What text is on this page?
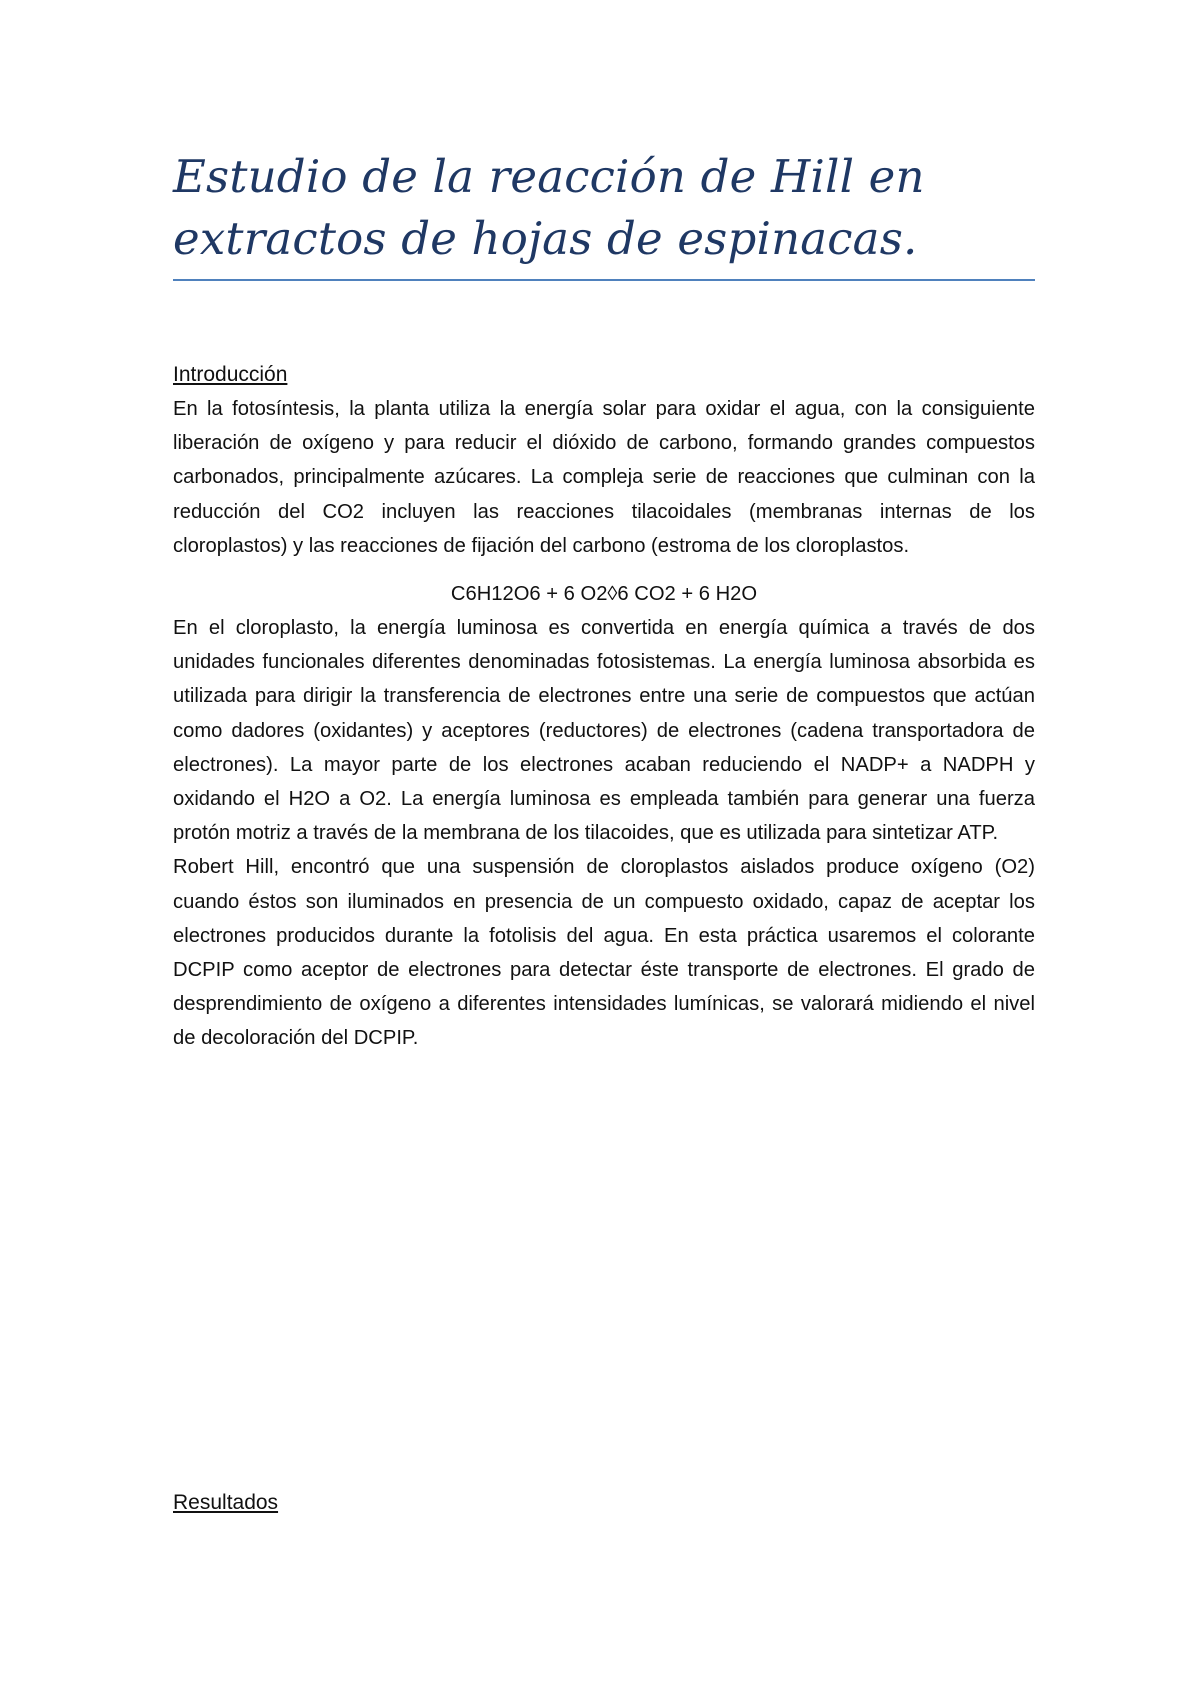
Estudio de la reacción de Hill en extractos de hojas de espinacas.
Introducción

En la fotosíntesis, la planta utiliza la energía solar para oxidar el agua, con la consiguiente liberación de oxígeno y para reducir el dióxido de carbono, formando grandes compuestos carbonados, principalmente azúcares. La compleja serie de reacciones que culminan con la reducción del CO2 incluyen las reacciones tilacoidales (membranas internas de los cloroplastos) y las reacciones de fijación del carbono (estroma de los cloroplastos.

C6H12O6 + 6 O2◊6 CO2 + 6 H2O

En el cloroplasto, la energía luminosa es convertida en energía química a través de dos unidades funcionales diferentes denominadas fotosistemas. La energía luminosa absorbida es utilizada para dirigir la transferencia de electrones entre una serie de compuestos que actúan como dadores (oxidantes) y aceptores (reductores) de electrones (cadena transportadora de electrones). La mayor parte de los electrones acaban reduciendo el NADP+ a NADPH y oxidando el H2O a O2. La energía luminosa es empleada también para generar una fuerza protón motriz a través de la membrana de los tilacoides, que es utilizada para sintetizar ATP.

Robert Hill, encontró que una suspensión de cloroplastos aislados produce oxígeno (O2) cuando éstos son iluminados en presencia de un compuesto oxidado, capaz de aceptar los electrones producidos durante la fotolisis del agua. En esta práctica usaremos el colorante DCPIP como aceptor de electrones para detectar éste transporte de electrones. El grado de desprendimiento de oxígeno a diferentes intensidades lumínicas, se valorará midiendo el nivel de decoloración del DCPIP.

Resultados
